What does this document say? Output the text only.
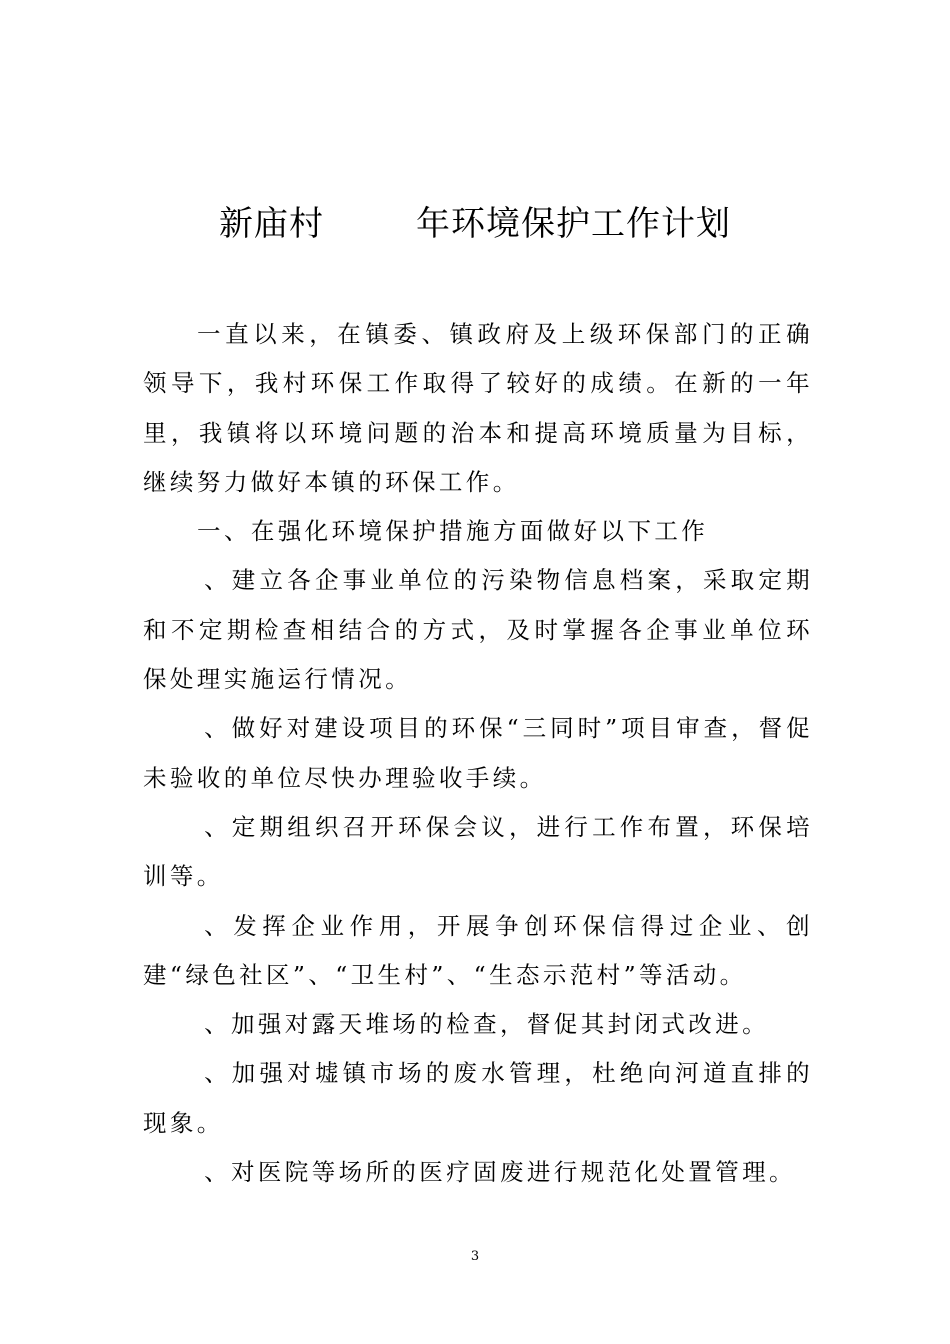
新庙村	年环境保护工作计划

一直以来，在镇委、镇政府及上级环保部门的正确领导下，我村环保工作取得了较好的成绩。在新的一年里，我镇将以环境问题的治本和提高环境质量为目标，继续努力做好本镇的环保工作。

一、在强化环境保护措施方面做好以下工作

、建立各企事业单位的污染物信息档案，采取定期和不定期检查相结合的方式，及时掌握各企事业单位环保处理实施运行情况。

、做好对建设项目的环保“三同时”项目审查，督促未验收的单位尽快办理验收手续。

、定期组织召开环保会议，进行工作布置，环保培训等。

、发挥企业作用，开展争创环保信得过企业、创建“绿色社区”、“卫生村”、“生态示范村”等活动。

、加强对露天堆场的检查，督促其封闭式改进。

、加强对墟镇市场的废水管理，杜绝向河道直排的现象。

、对医院等场所的医疗固废进行规范化处置管理。

3
